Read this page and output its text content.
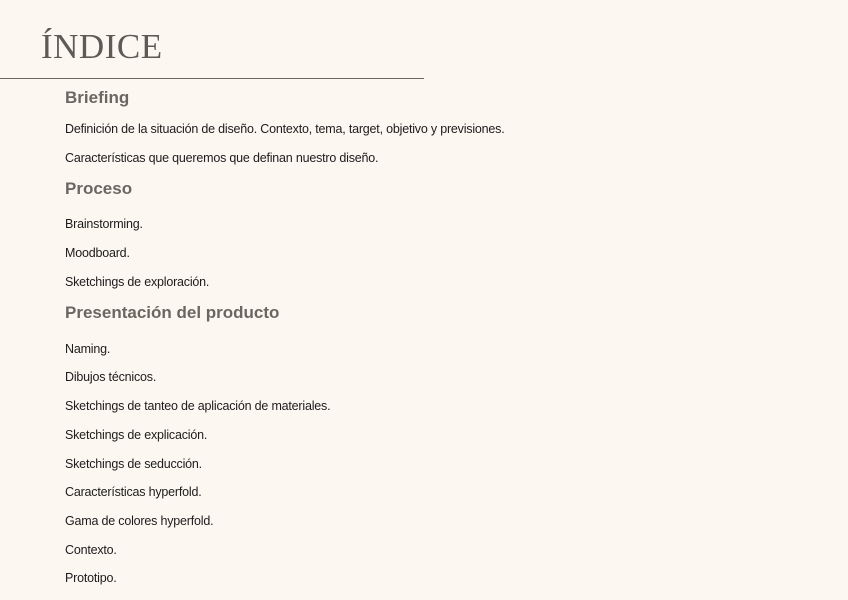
ÍNDICE
Briefing

Definición de la situación de diseño. Contexto, tema, target, objetivo y previsiones.

Características que queremos que definan nuestro diseño.

Proceso

Brainstorming.

Moodboard.

Sketchings de exploración.

Presentación del producto

Naming.

Dibujos técnicos.

Sketchings de tanteo de aplicación de materiales.

Sketchings de explicación.

Sketchings de seducción.

Características hyperfold.

Gama de colores hyperfold.

Contexto.

Prototipo.
